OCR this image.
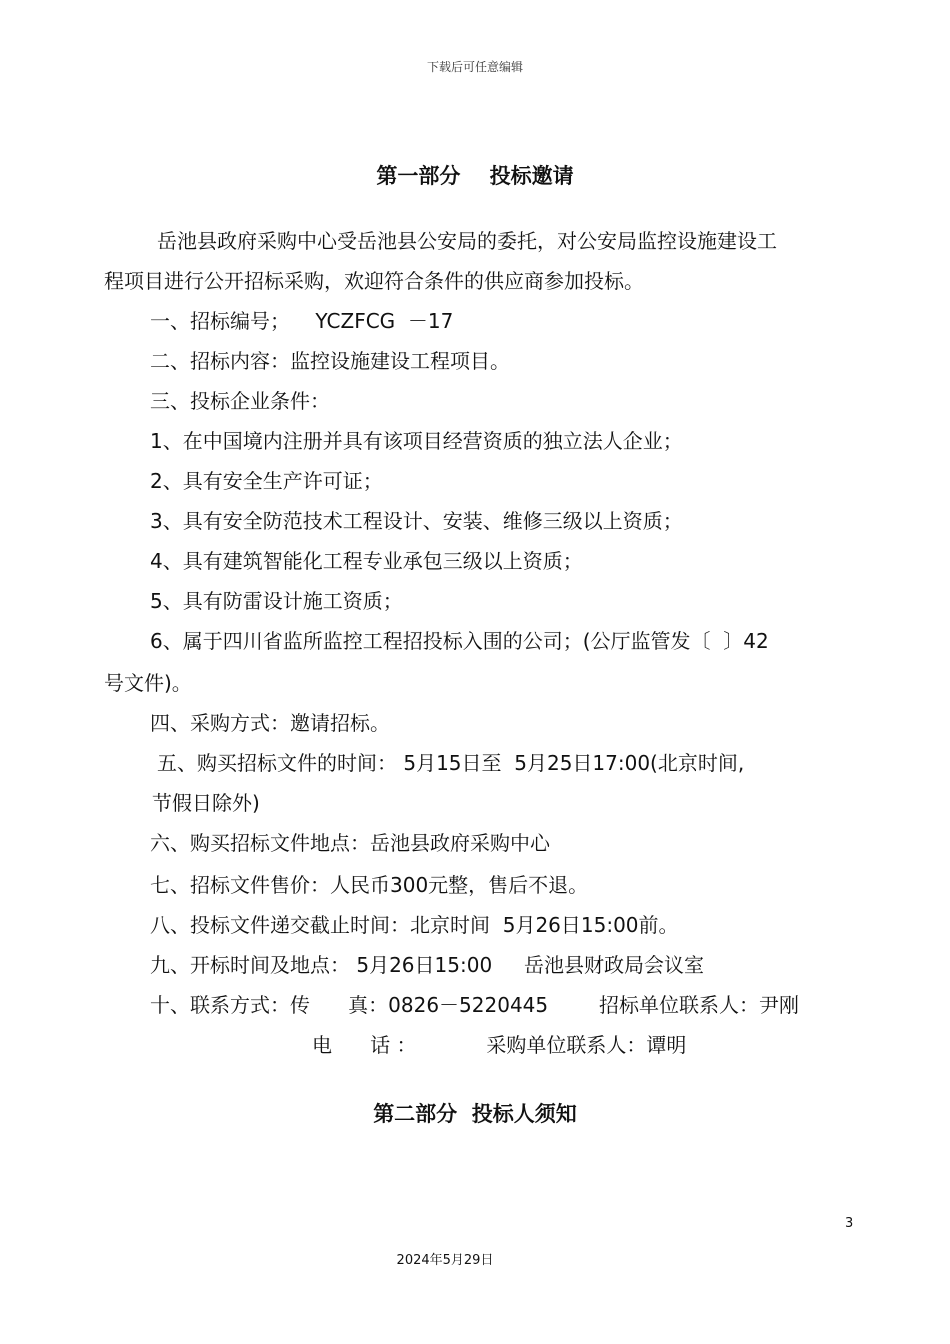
下载后可任意编辑
第一部分    投标邀请
岳池县政府采购中心受岳池县公安局的委托，对公安局监控设施建设工
程项目进行公开招标采购，欢迎符合条件的供应商参加投标。
一、招标编号；    YCZFCG  －17
二、招标内容：监控设施建设工程项目。
三、投标企业条件：
1、在中国境内注册并具有该项目经营资质的独立法人企业；
2、具有安全生产许可证；
3、具有安全防范技术工程设计、安装、维修三级以上资质；
4、具有建筑智能化工程专业承包三级以上资质；
5、具有防雷设计施工资质；
6、属于四川省监所监控工程招投标入围的公司；(公厅监管发〔  〕42
号文件)。
四、采购方式：邀请招标。
五、购买招标文件的时间： 5月15日至  5月25日17:00(北京时间,
节假日除外)
六、购买招标文件地点：岳池县政府采购中心
七、招标文件售价：人民币300元整，售后不退。
八、投标文件递交截止时间：北京时间  5月26日15:00前。
九、开标时间及地点： 5月26日15:00     岳池县财政局会议室
十、联系方式：传      真：0826－5220445        招标单位联系人：尹刚
电      话 ：           采购单位联系人：谭明
第二部分  投标人须知
3
2024年5月29日
